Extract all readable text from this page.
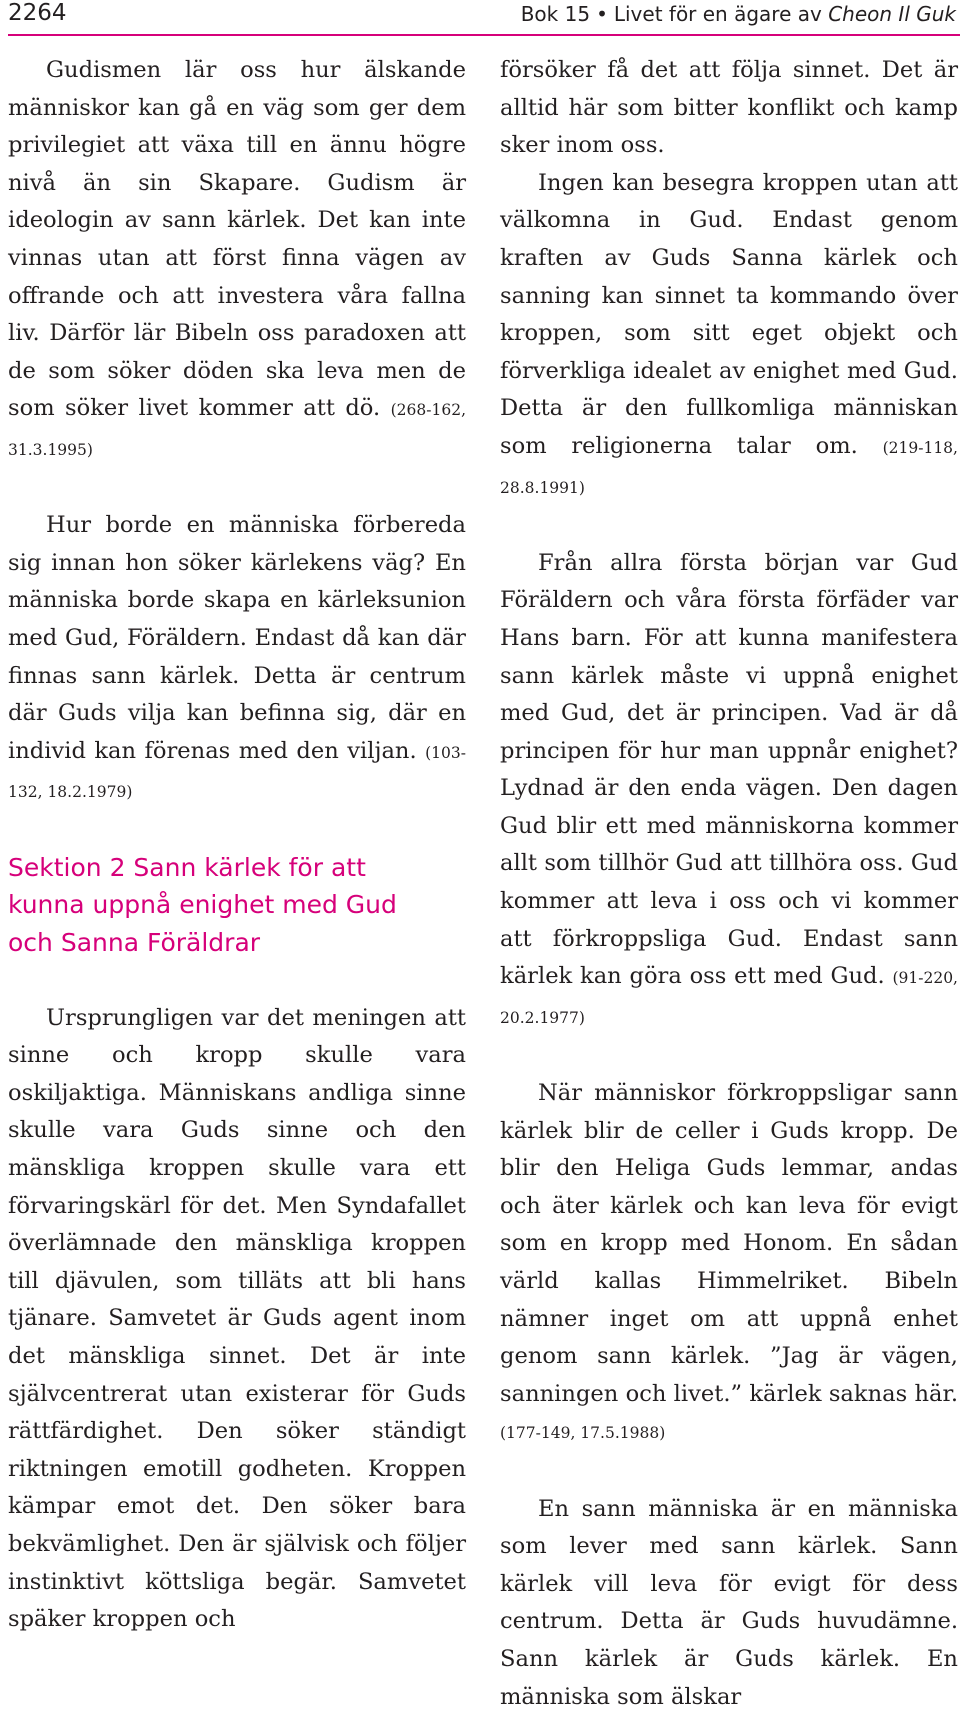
2264	Bok 15 • Livet för en ägare av Cheon Il Guk

Gudismen lär oss hur älskande människor kan gå en väg som ger dem privilegiet att växa till en ännu högre nivå än sin Skapare. Gudism är ideologin av sann kärlek. Det kan inte vinnas utan att först finna vägen av offrande och att investera våra fallna liv. Därför lär Bibeln oss paradoxen att de som söker döden ska leva men de som söker livet kommer att dö. (268-162, 31.3.1995)

Hur borde en människa förbereda sig innan hon söker kärlekens väg? En människa borde skapa en kärleksunion med Gud, Föräldern. Endast då kan där finnas sann kärlek. Detta är centrum där Guds vilja kan befinna sig, där en individ kan förenas med den viljan. (103-132, 18.2.1979)

Sektion 2 Sann kärlek för att
kunna uppnå enighet med Gud
och Sanna Föräldrar

Ursprungligen var det meningen att sinne och kropp skulle vara oskiljaktiga. Människans andliga sinne skulle vara Guds sinne och den mänskliga kroppen skulle vara ett förvaringskärl för det. Men Syndafallet överlämnade den mänskliga kroppen till djävulen, som tilläts att bli hans tjänare. Samvetet är Guds agent inom det mänskliga sinnet. Det är inte självcentrerat utan existerar för Guds rättfärdighet. Den söker ständigt riktningen emotill godheten. Kroppen kämpar emot det. Den söker bara bekvämlighet. Den är självisk och följer instinktivt köttsliga begär. Samvetet späker kroppen och

försöker få det att följa sinnet. Det är alltid här som bitter konflikt och kamp sker inom oss.

Ingen kan besegra kroppen utan att välkomna in Gud. Endast genom kraften av Guds Sanna kärlek och sanning kan sinnet ta kommando över kroppen, som sitt eget objekt och förverkliga idealet av enighet med Gud. Detta är den fullkomliga människan som religionerna talar om. (219-118, 28.8.1991)

Från allra första början var Gud Föräldern och våra första förfäder var Hans barn. För att kunna manifestera sann kärlek måste vi uppnå enighet med Gud, det är principen. Vad är då principen för hur man uppnår enighet? Lydnad är den enda vägen. Den dagen Gud blir ett med människorna kommer allt som tillhör Gud att tillhöra oss. Gud kommer att leva i oss och vi kommer att förkroppsliga Gud. Endast sann kärlek kan göra oss ett med Gud. (91-220, 20.2.1977)

När människor förkroppsligar sann kärlek blir de celler i Guds kropp. De blir den Heliga Guds lemmar, andas och äter kärlek och kan leva för evigt som en kropp med Honom. En sådan värld kallas Himmelriket. Bibeln nämner inget om att uppnå enhet genom sann kärlek. ”Jag är vägen, sanningen och livet.” kärlek saknas här. (177-149, 17.5.1988)

En sann människa är en människa som lever med sann kärlek. Sann kärlek vill leva för evigt för dess centrum. Detta är Guds huvudämne. Sann kärlek är Guds kärlek. En människa som älskar
